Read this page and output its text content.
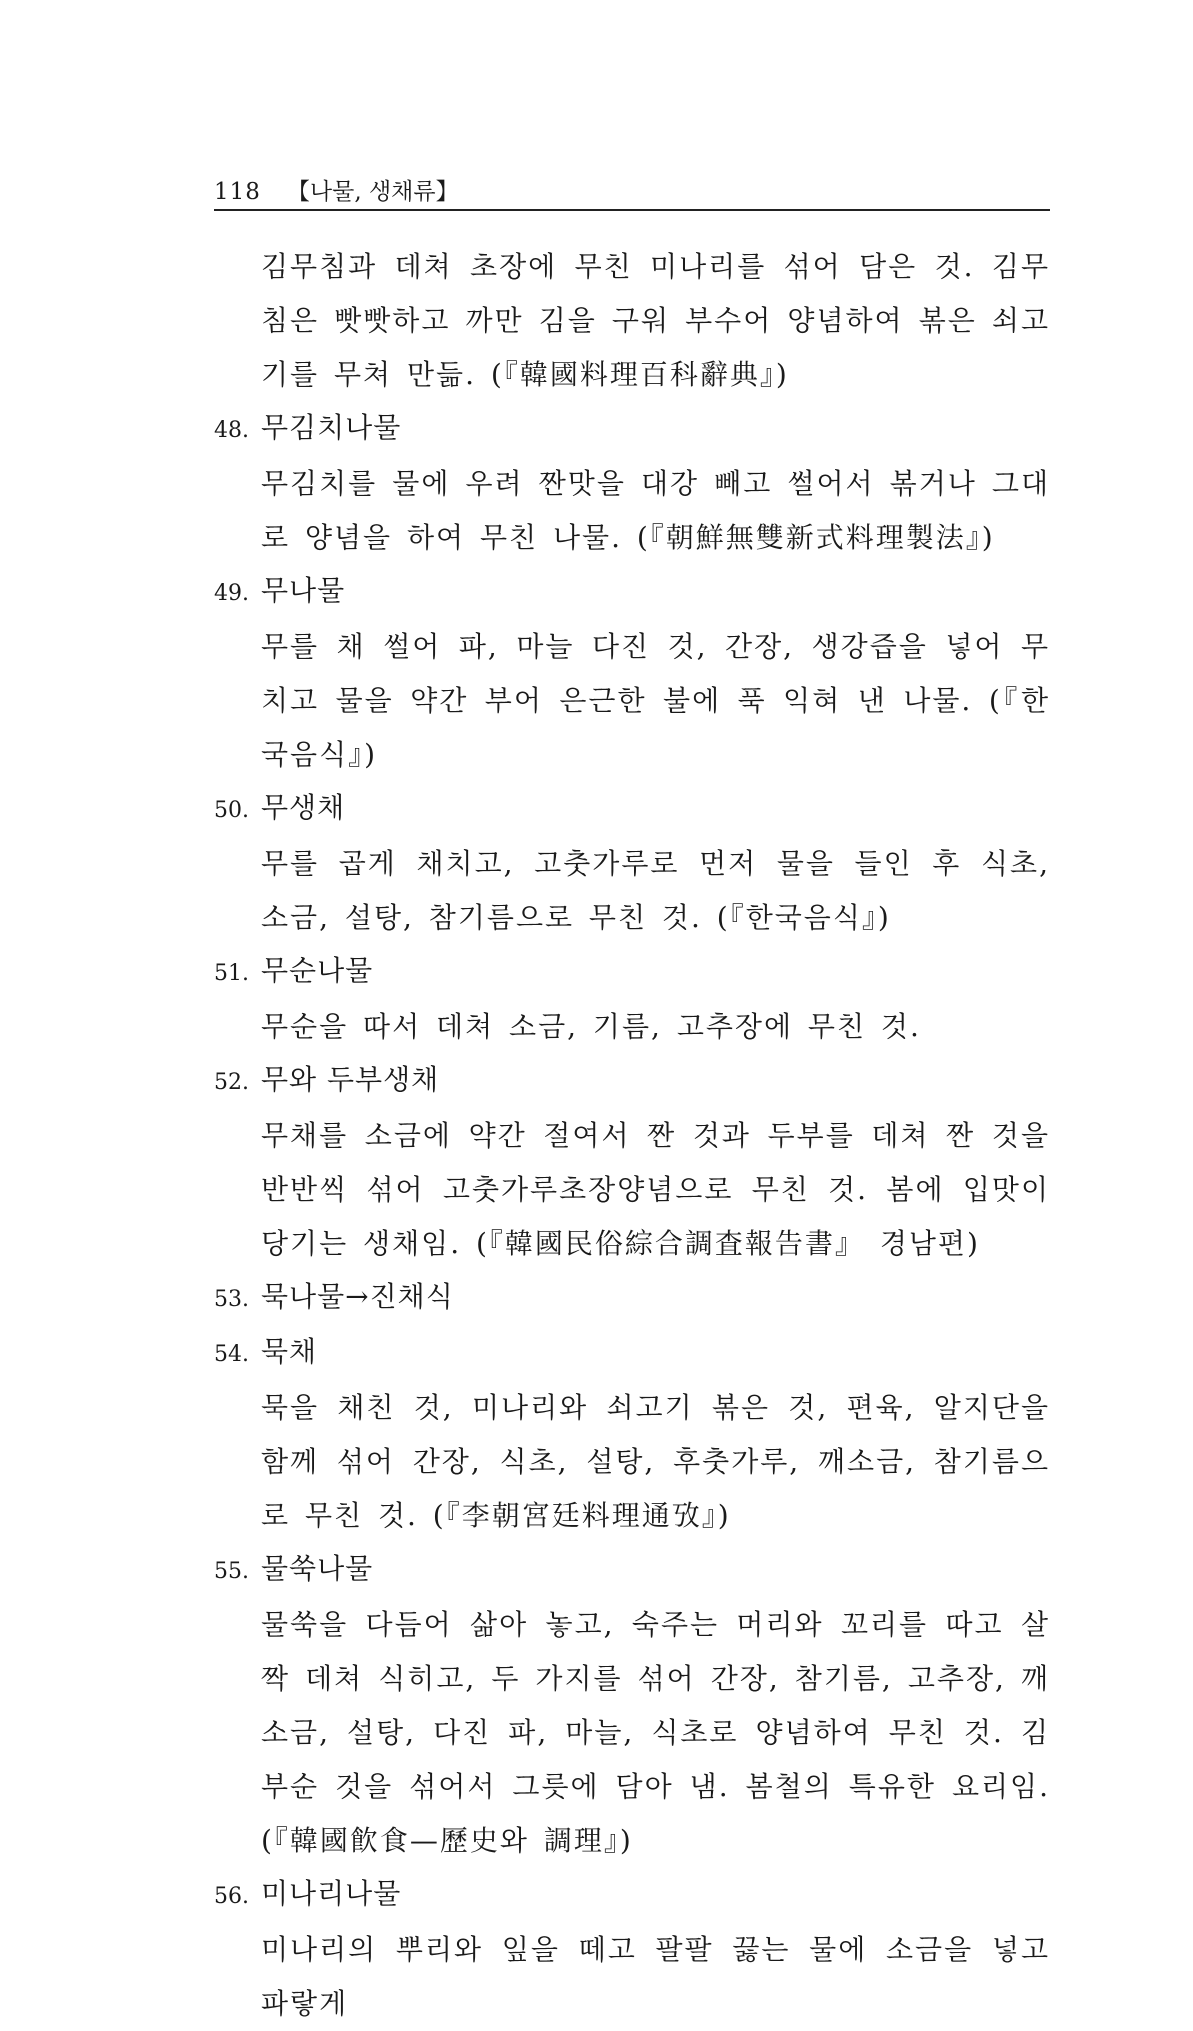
118 【나물, 생채류】

김무침과 데쳐 초장에 무친 미나리를 섞어 담은 것. 김무침은 빳빳하고 까만 김을 구워 부수어 양념하여 볶은 쇠고기를 무쳐 만듦. (『韓國料理百科辭典』)

48. 무김치나물

무김치를 물에 우려 짠맛을 대강 빼고 썰어서 볶거나 그대로 양념을 하여 무친 나물. (『朝鮮無雙新式料理製法』)

49. 무나물

무를 채 썰어 파, 마늘 다진 것, 간장, 생강즙을 넣어 무치고 물을 약간 부어 은근한 불에 푹 익혀 낸 나물. (『한국음식』)

50. 무생채

무를 곱게 채치고, 고춧가루로 먼저 물을 들인 후 식초, 소금, 설탕, 참기름으로 무친 것. (『한국음식』)

51. 무순나물

무순을 따서 데쳐 소금, 기름, 고추장에 무친 것.

52. 무와 두부생채

무채를 소금에 약간 절여서 짠 것과 두부를 데쳐 짠 것을 반반씩 섞어 고춧가루초장양념으로 무친 것. 봄에 입맛이 당기는 생채임. (『韓國民俗綜合調査報告書』 경남편)

53. 묵나물→진채식
54. 묵채

묵을 채친 것, 미나리와 쇠고기 볶은 것, 편육, 알지단을 함께 섞어 간장, 식초, 설탕, 후춧가루, 깨소금, 참기름으로 무친 것. (『李朝宮廷料理通攷』)

55. 물쑥나물

물쑥을 다듬어 삶아 놓고, 숙주는 머리와 꼬리를 따고 살짝 데쳐 식히고, 두 가지를 섞어 간장, 참기름, 고추장, 깨소금, 설탕, 다진 파, 마늘, 식초로 양념하여 무친 것. 김 부순 것을 섞어서 그릇에 담아 냄. 봄철의 특유한 요리임. (『韓國飮食—歷史와 調理』)

56. 미나리나물

미나리의 뿌리와 잎을 떼고 팔팔 끓는 물에 소금을 넣고 파랗게
